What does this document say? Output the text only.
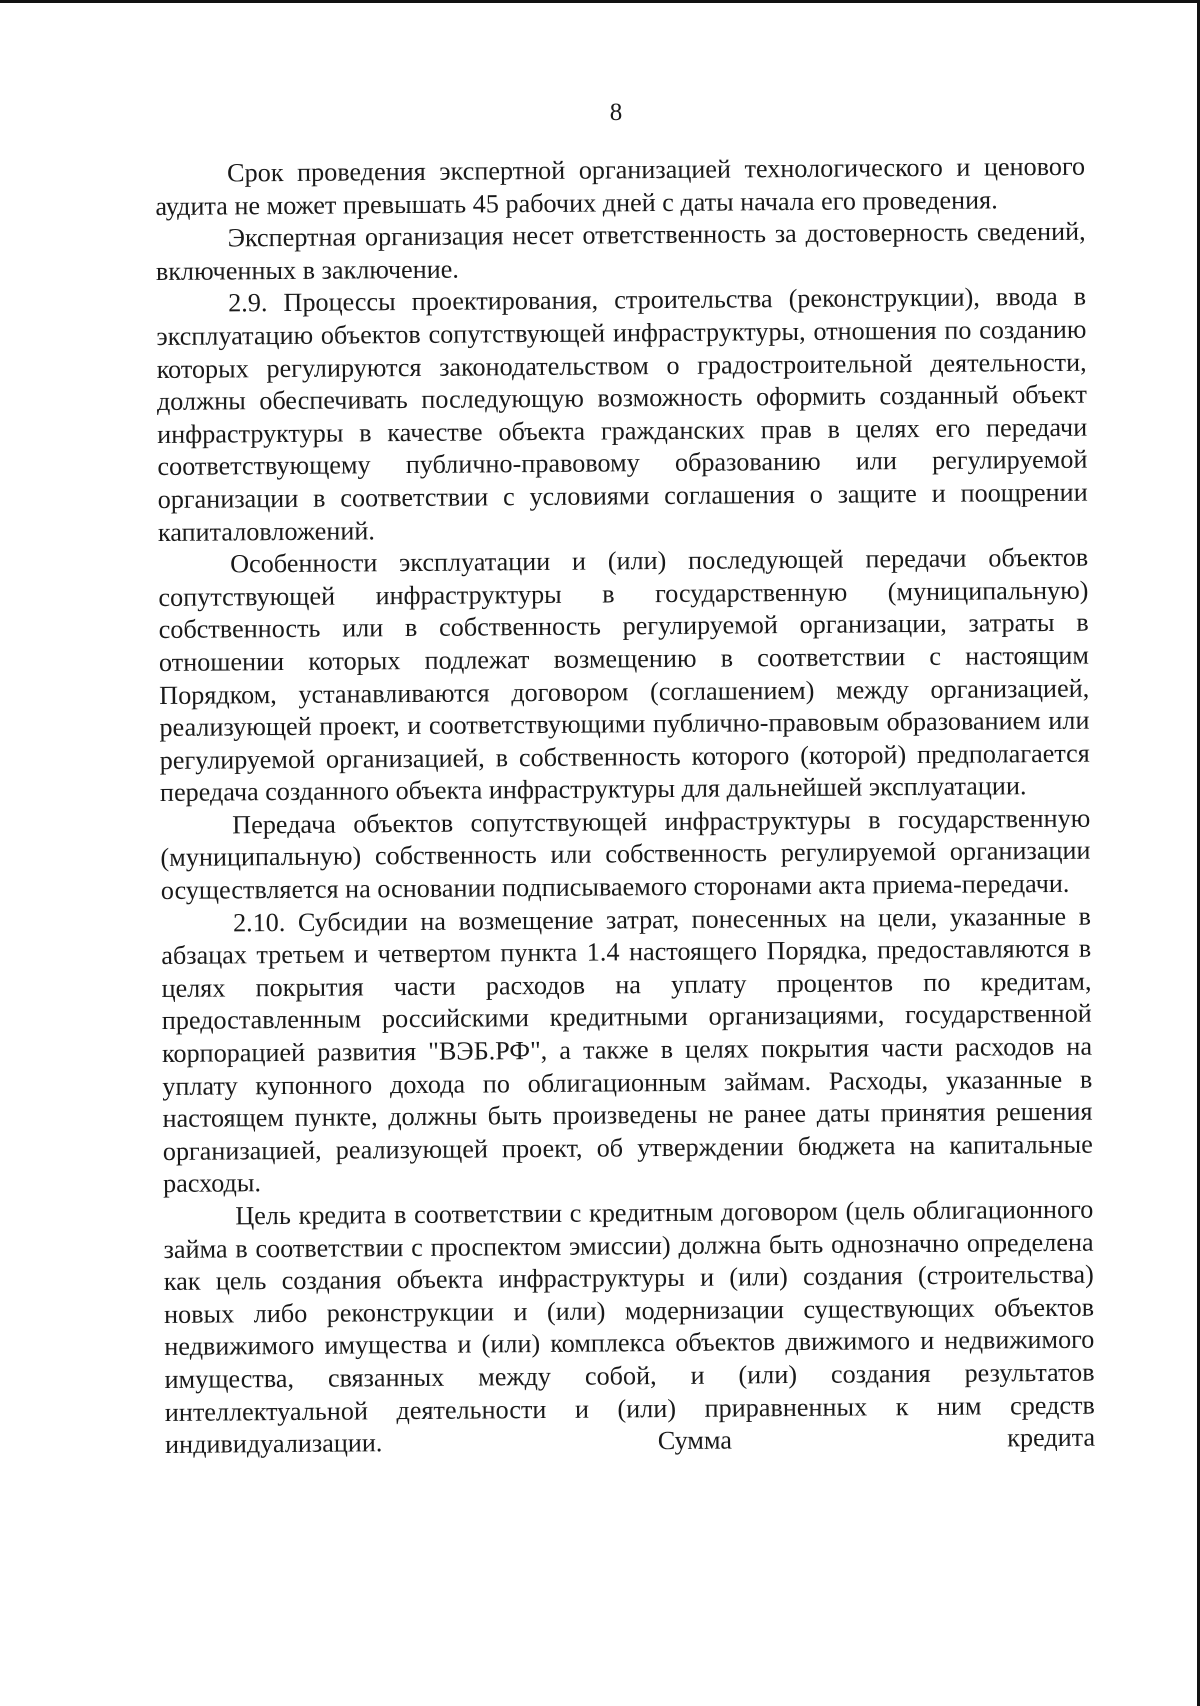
8

Срок проведения экспертной организацией технологического и ценового аудита не может превышать 45 рабочих дней с даты начала его проведения.

Экспертная организация несет ответственность за достоверность сведений, включенных в заключение.

2.9. Процессы проектирования, строительства (реконструкции), ввода в эксплуатацию объектов сопутствующей инфраструктуры, отношения по созданию которых регулируются законодательством о градостроительной деятельности, должны обеспечивать последующую возможность оформить созданный объект инфраструктуры в качестве объекта гражданских прав в целях его передачи соответствующему публично-правовому образованию или регулируемой организации в соответствии с условиями соглашения о защите и поощрении капиталовложений.

Особенности эксплуатации и (или) последующей передачи объектов сопутствующей инфраструктуры в государственную (муниципальную) собственность или в собственность регулируемой организации, затраты в отношении которых подлежат возмещению в соответствии с настоящим Порядком, устанавливаются договором (соглашением) между организацией, реализующей проект, и соответствующими публично-правовым образованием или регулируемой организацией, в собственность которого (которой) предполагается передача созданного объекта инфраструктуры для дальнейшей эксплуатации.

Передача объектов сопутствующей инфраструктуры в государственную (муниципальную) собственность или собственность регулируемой организации осуществляется на основании подписываемого сторонами акта приема-передачи.

2.10. Субсидии на возмещение затрат, понесенных на цели, указанные в абзацах третьем и четвертом пункта 1.4 настоящего Порядка, предоставляются в целях покрытия части расходов на уплату процентов по кредитам, предоставленным российскими кредитными организациями, государственной корпорацией развития "ВЭБ.РФ", а также в целях покрытия части расходов на уплату купонного дохода по облигационным займам. Расходы, указанные в настоящем пункте, должны быть произведены не ранее даты принятия решения организацией, реализующей проект, об утверждении бюджета на капитальные расходы.

Цель кредита в соответствии с кредитным договором (цель облигационного займа в соответствии с проспектом эмиссии) должна быть однозначно определена как цель создания объекта инфраструктуры и (или) создания (строительства) новых либо реконструкции и (или) модернизации существующих объектов недвижимого имущества и (или) комплекса объектов движимого и недвижимого имущества, связанных между собой, и (или) создания результатов интеллектуальной деятельности и (или) приравненных к ним средств индивидуализации. Сумма кредита
